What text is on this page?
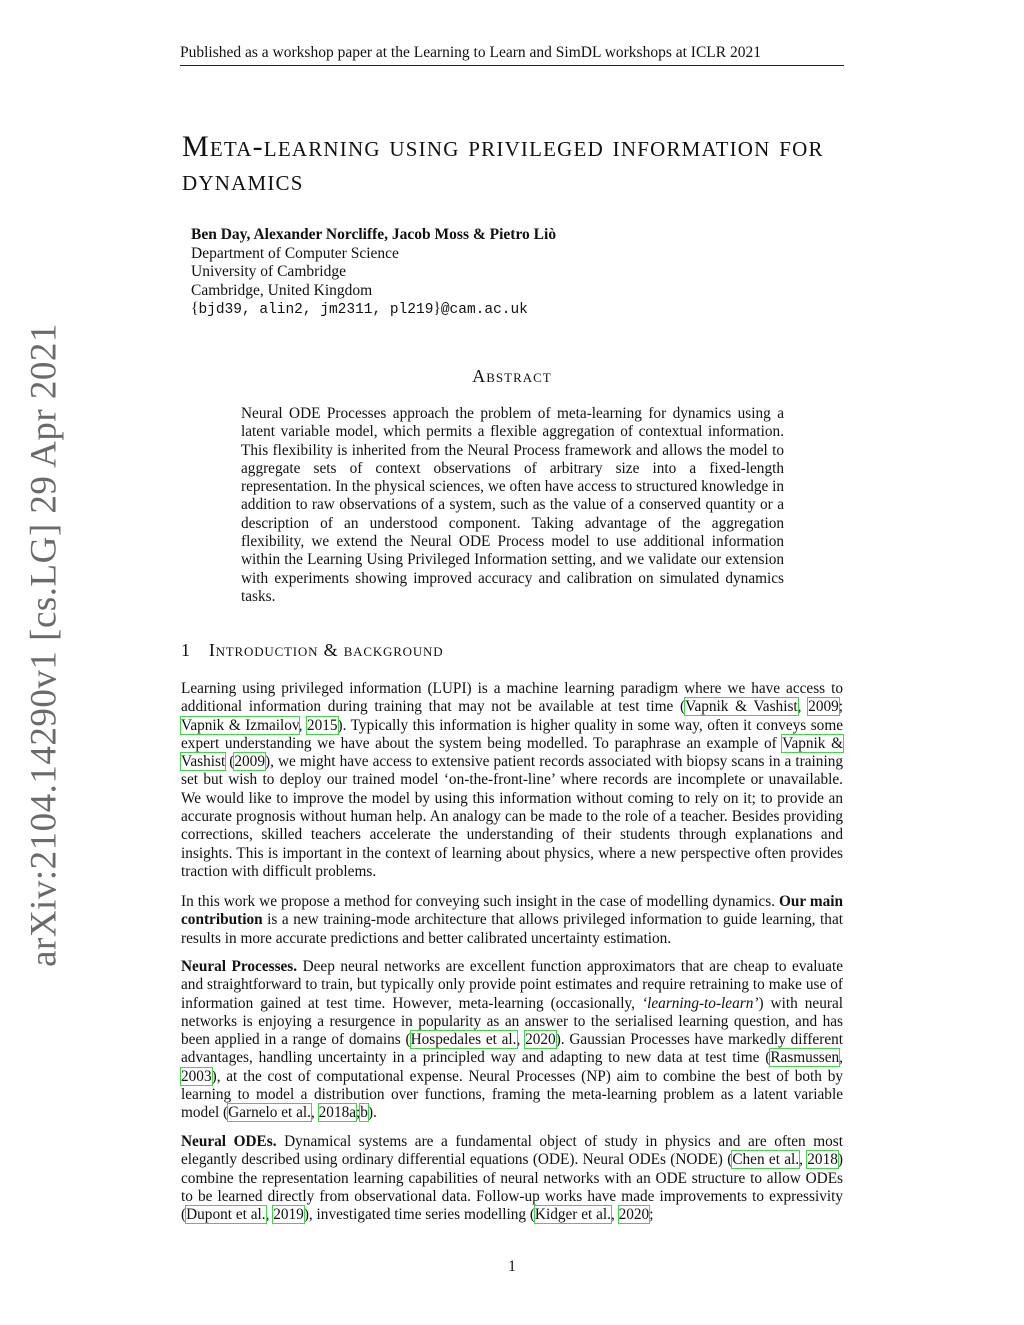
Published as a workshop paper at the Learning to Learn and SimDL workshops at ICLR 2021
arXiv:2104.14290v1 [cs.LG] 29 Apr 2021
Meta-learning using privileged information for dynamics
Ben Day, Alexander Norcliffe, Jacob Moss & Pietro Liò
Department of Computer Science
University of Cambridge
Cambridge, United Kingdom
{bjd39, alin2, jm2311, pl219}@cam.ac.uk
Abstract
Neural ODE Processes approach the problem of meta-learning for dynamics using a latent variable model, which permits a flexible aggregation of contextual information. This flexibility is inherited from the Neural Process framework and allows the model to aggregate sets of context observations of arbitrary size into a fixed-length representation. In the physical sciences, we often have access to structured knowledge in addition to raw observations of a system, such as the value of a conserved quantity or a description of an understood component. Taking advantage of the aggregation flexibility, we extend the Neural ODE Process model to use additional information within the Learning Using Privileged Information setting, and we validate our extension with experiments showing improved accuracy and calibration on simulated dynamics tasks.
1 Introduction & background
Learning using privileged information (LUPI) is a machine learning paradigm where we have access to additional information during training that may not be available at test time (Vapnik & Vashist, 2009; Vapnik & Izmailov, 2015). Typically this information is higher quality in some way, often it conveys some expert understanding we have about the system being modelled. To paraphrase an example of Vapnik & Vashist (2009), we might have access to extensive patient records associated with biopsy scans in a training set but wish to deploy our trained model ‘on-the-front-line’ where records are incomplete or unavailable. We would like to improve the model by using this information without coming to rely on it; to provide an accurate prognosis without human help. An analogy can be made to the role of a teacher. Besides providing corrections, skilled teachers accelerate the understanding of their students through explanations and insights. This is important in the context of learning about physics, where a new perspective often provides traction with difficult problems.
In this work we propose a method for conveying such insight in the case of modelling dynamics. Our main contribution is a new training-mode architecture that allows privileged information to guide learning, that results in more accurate predictions and better calibrated uncertainty estimation.
Neural Processes. Deep neural networks are excellent function approximators that are cheap to evaluate and straightforward to train, but typically only provide point estimates and require retraining to make use of information gained at test time. However, meta-learning (occasionally, ‘learning-to-learn’) with neural networks is enjoying a resurgence in popularity as an answer to the serialised learning question, and has been applied in a range of domains (Hospedales et al., 2020). Gaussian Processes have markedly different advantages, handling uncertainty in a principled way and adapting to new data at test time (Rasmussen, 2003), at the cost of computational expense. Neural Processes (NP) aim to combine the best of both by learning to model a distribution over functions, framing the meta-learning problem as a latent variable model (Garnelo et al., 2018a;b).
Neural ODEs. Dynamical systems are a fundamental object of study in physics and are often most elegantly described using ordinary differential equations (ODE). Neural ODEs (NODE) (Chen et al., 2018) combine the representation learning capabilities of neural networks with an ODE structure to allow ODEs to be learned directly from observational data. Follow-up works have made improvements to expressivity (Dupont et al., 2019), investigated time series modelling (Kidger et al., 2020;
1
